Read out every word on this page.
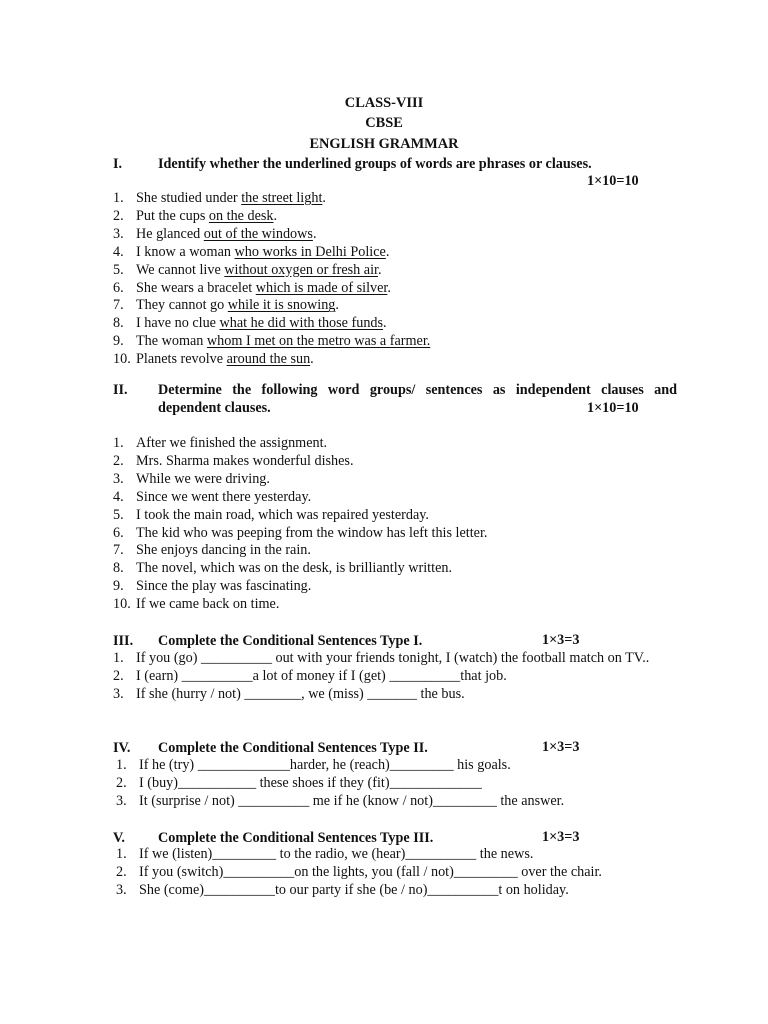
CLASS-VIII
CBSE
ENGLISH GRAMMAR
I.	Identify whether the underlined groups of words are phrases or clauses.
1×10=10
1. She studied under the street light.
2. Put the cups on the desk.
3. He glanced out of the windows.
4. I know a woman who works in Delhi Police.
5. We cannot live without oxygen or fresh air.
6. She wears a bracelet which is made of silver.
7. They cannot go while it is snowing.
8. I have no clue what he did with those funds.
9. The woman whom I met on the metro was a farmer.
10. Planets revolve around the sun.
II. Determine the following word groups/ sentences as independent clauses and dependent clauses.	1×10=10
1. After we finished the assignment.
2. Mrs. Sharma makes wonderful dishes.
3. While we were driving.
4. Since we went there yesterday.
5. I took the main road, which was repaired yesterday.
6. The kid who was peeping from the window has left this letter.
7. She enjoys dancing in the rain.
8. The novel, which was on the desk, is brilliantly written.
9. Since the play was fascinating.
10. If we came back on time.
III. Complete the Conditional Sentences Type I.	1×3=3
1. If you (go) __________ out with your friends tonight, I (watch) the football match on TV..
2. I (earn) __________a lot of money if I (get) __________that job.
3. If she (hurry / not) ________, we (miss) _______ the bus.
IV. Complete the Conditional Sentences Type II.	1×3=3
1. If he (try) _____________harder, he (reach)_________ his goals.
2. I (buy)___________ these shoes if they (fit)_____________
3. It (surprise / not) __________ me if he (know / not)_________ the answer.
V. Complete the Conditional Sentences Type III.	1×3=3
1. If we (listen)_________ to the radio, we (hear)__________ the news.
2. If you (switch)__________on the lights, you (fall / not)_________ over the chair.
3. She (come)__________to our party if she (be / no)__________t on holiday.
